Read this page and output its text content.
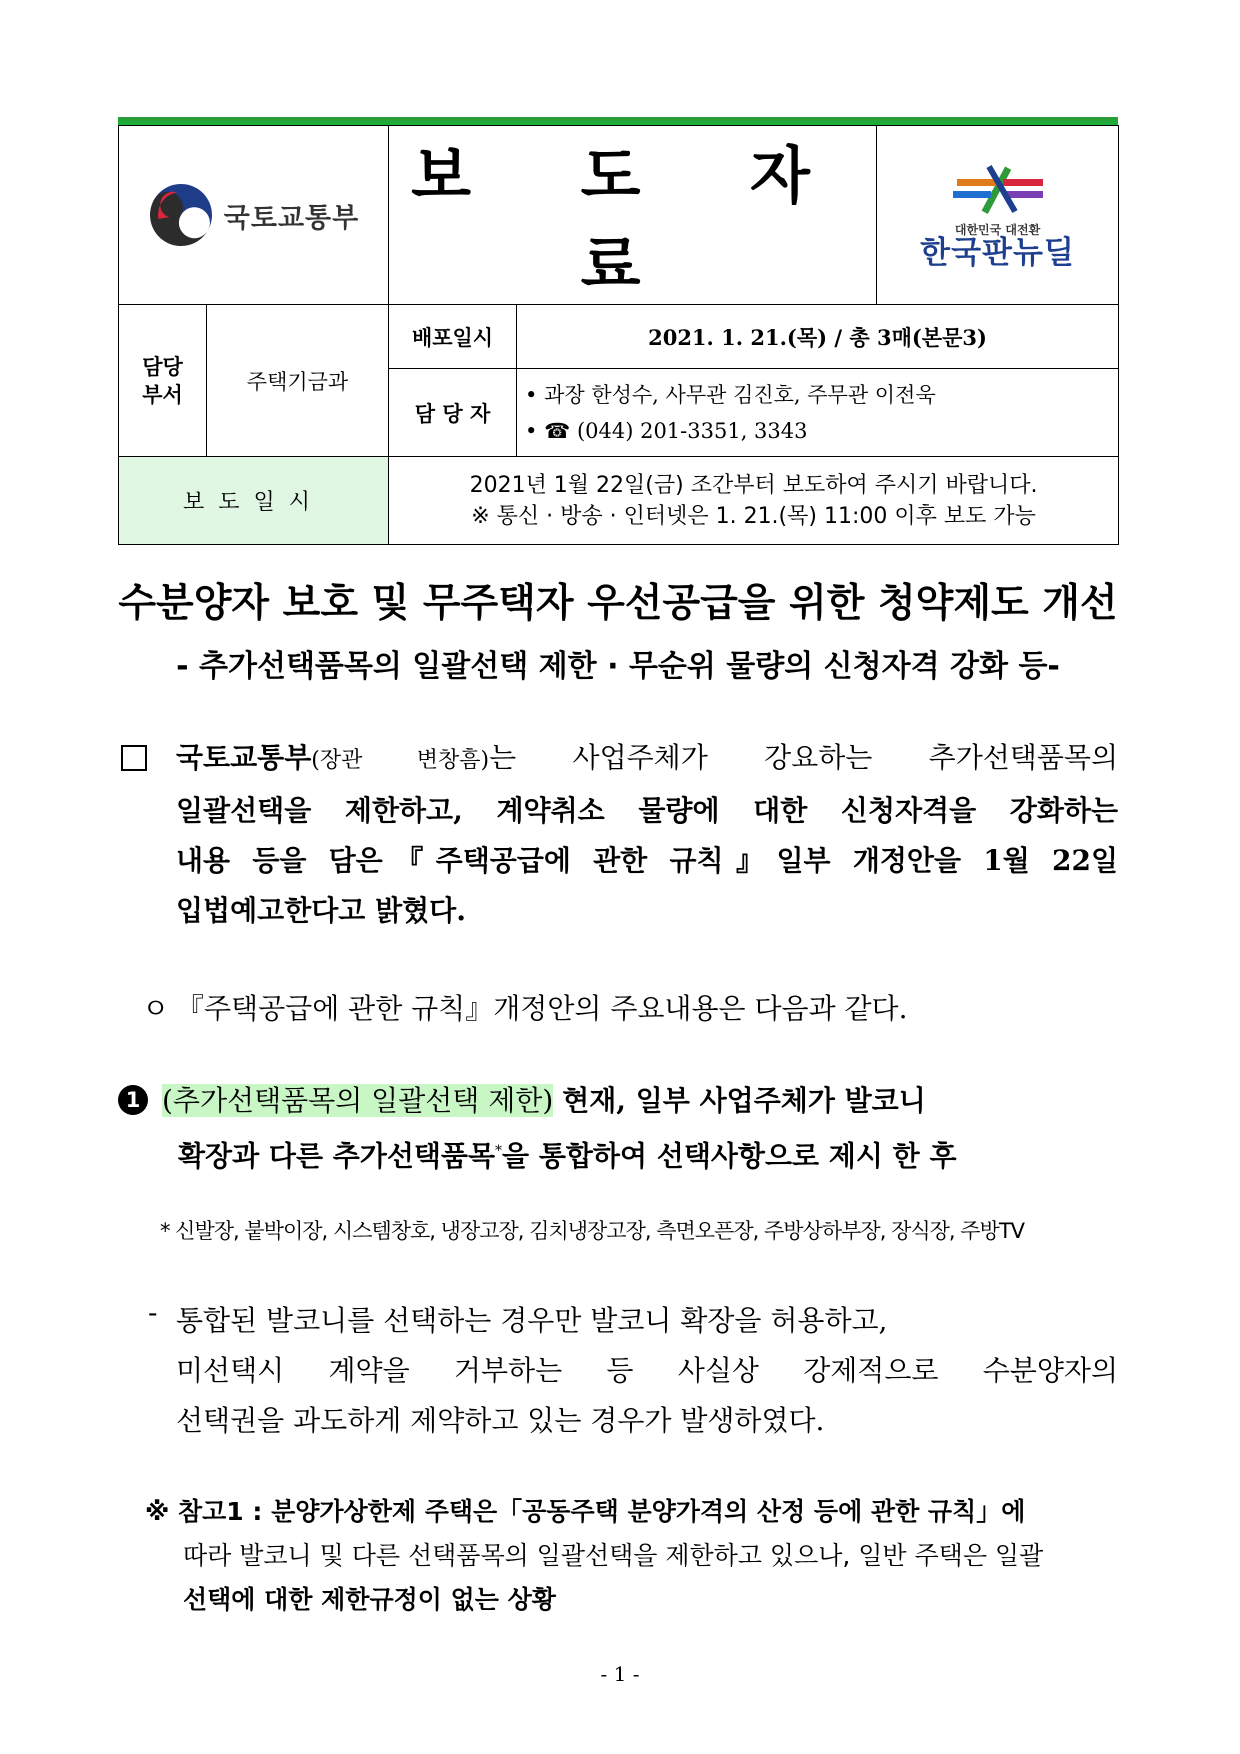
국토교통부		보 도 자 료		대한민국 대전환
한국판뉴딜

담당
부서	주택기금과	배포일시	2021. 1. 21.(목) / 총 3매(본문3)	
		담 당 자	• 과장 한성수, 사무관 김진호, 주무관 이전욱
• ☎ (044) 201-3351, 3343	

보도일시		2021년 1월 22일(금) 조간부터 보도하여 주시기 바랍니다.
※ 통신 · 방송 · 인터넷은 1. 21.(목) 11:00 이후 보도 가능		
수분양자 보호 및 무주택자 우선공급을 위한 청약제도 개선
- 추가선택품목의 일괄선택 제한 · 무순위 물량의 신청자격 강화 등-
국토교통부(장관 변창흠)는 사업주체가 강요하는 추가선택품목의
일괄선택을 제한하고, 계약취소 물량에 대한 신청자격을 강화하는
내용 등을 담은『주택공급에 관한 규칙』일부 개정안을 1월 22일
입법예고한다고 밝혔다.
ㅇ 『주택공급에 관한 규칙』개정안의 주요내용은 다음과 같다.
1 (추가선택품목의 일괄선택 제한) 현재, 일부 사업주체가 발코니
확장과 다른 추가선택품목*을 통합하여 선택사항으로 제시 한 후
* 신발장, 붙박이장, 시스템창호, 냉장고장, 김치냉장고장, 측면오픈장, 주방상하부장, 장식장, 주방TV
- 통합된 발코니를 선택하는 경우만 발코니 확장을 허용하고,
미선택시 계약을 거부하는 등 사실상 강제적으로 수분양자의
선택권을 과도하게 제약하고 있는 경우가 발생하였다.
※ 참고1 : 분양가상한제 주택은「공동주택 분양가격의 산정 등에 관한 규칙」에
따라 발코니 및 다른 선택품목의 일괄선택을 제한하고 있으나, 일반 주택은 일괄
선택에 대한 제한규정이 없는 상황
- 1 -
